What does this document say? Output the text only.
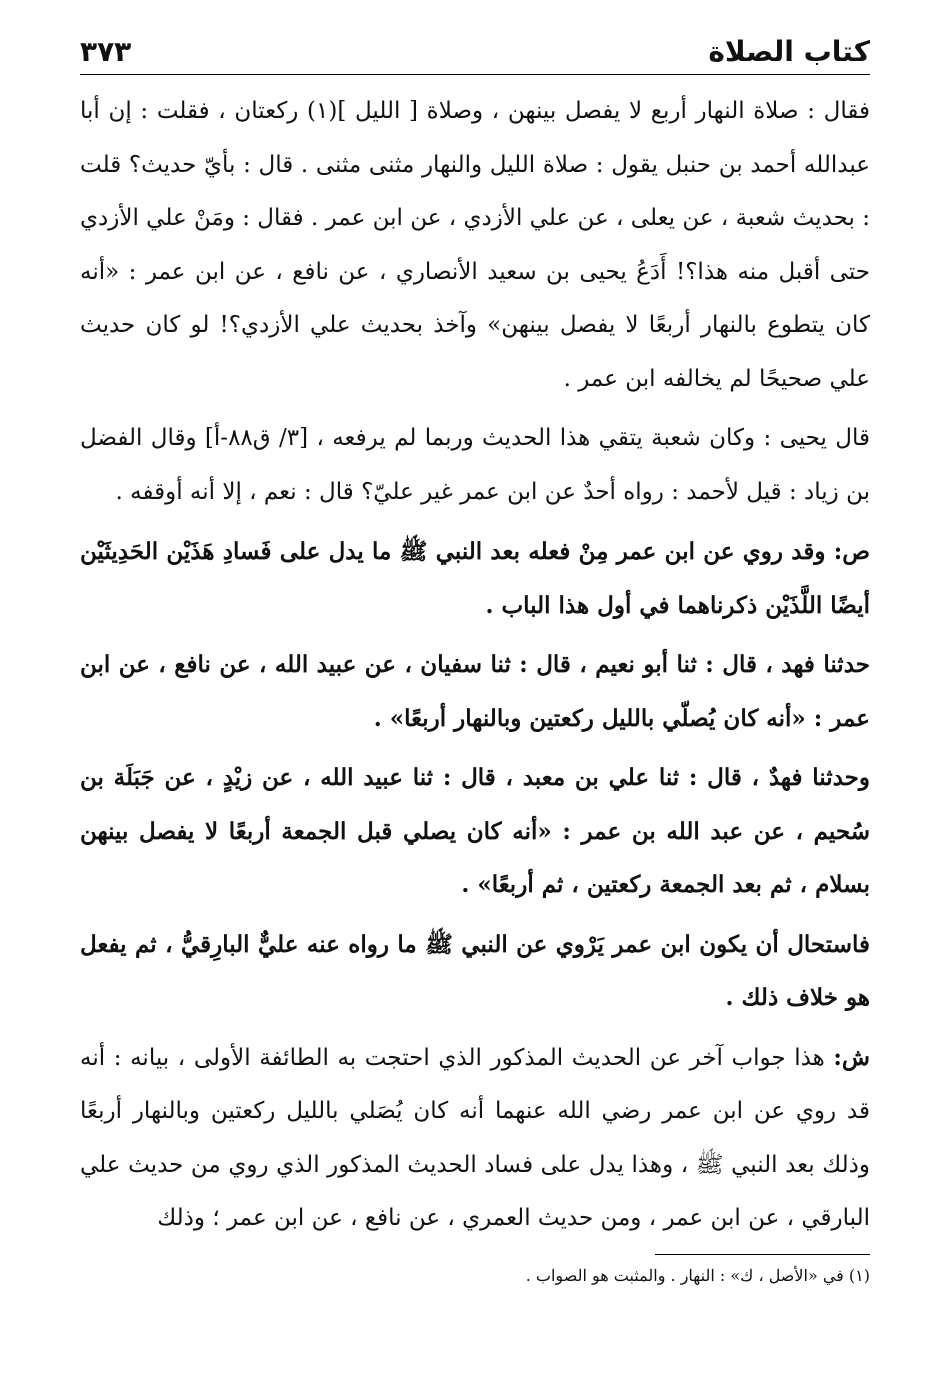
كتاب الصلاة
٣٧٣

فقال : صلاة النهار أربع لا يفصل بينهن ، وصلاة [ الليل ](١) ركعتان ، فقلت : إن أبا عبدالله أحمد بن حنبل يقول : صلاة الليل والنهار مثنى مثنى . قال : بأيّ حديث؟ قلت : بحديث شعبة ، عن يعلى ، عن علي الأزدي ، عن ابن عمر . فقال : ومَنْ علي الأزدي حتى أقبل منه هذا؟! أَدَعُ يحيى بن سعيد الأنصاري ، عن نافع ، عن ابن عمر : «أنه كان يتطوع بالنهار أربعًا لا يفصل بينهن» وآخذ بحديث علي الأزدي؟! لو كان حديث علي صحيحًا لم يخالفه ابن عمر .

قال يحيى : وكان شعبة يتقي هذا الحديث وربما لم يرفعه ، [٣/ ق٨٨-أ] وقال الفضل بن زياد : قيل لأحمد : رواه أحدٌ عن ابن عمر غير عليّ؟ قال : نعم ، إلا أنه أوقفه .

ص: وقد روي عن ابن عمر مِنْ فعله بعد النبي ﷺ ما يدل على فَسادِ هَذَيْن الحَدِيثَيْن أيضًا اللَّذَيْن ذكرناهما في أول هذا الباب .

حدثنا فهد ، قال : ثنا أبو نعيم ، قال : ثنا سفيان ، عن عبيد الله ، عن نافع ، عن ابن عمر : «أنه كان يُصلّي بالليل ركعتين وبالنهار أربعًا» .

وحدثنا فهدٌ ، قال : ثنا علي بن معبد ، قال : ثنا عبيد الله ، عن زيْدٍ ، عن جَبَلَة بن سُحيم ، عن عبد الله بن عمر : «أنه كان يصلي قبل الجمعة أربعًا لا يفصل بينهن بسلام ، ثم بعد الجمعة ركعتين ، ثم أربعًا» .

فاستحال أن يكون ابن عمر يَرْوي عن النبي ﷺ ما رواه عنه عليٌّ البارِقيُّ ، ثم يفعل هو خلاف ذلك .

ش: هذا جواب آخر عن الحديث المذكور الذي احتجت به الطائفة الأولى ، بيانه : أنه قد روي عن ابن عمر رضي الله عنهما أنه كان يُصَلي بالليل ركعتين وبالنهار أربعًا وذلك بعد النبي ﷺ ، وهذا يدل على فساد الحديث المذكور الذي روي من حديث علي البارقي ، عن ابن عمر ، ومن حديث العمري ، عن نافع ، عن ابن عمر ؛ وذلك

(١) في «الأصل ، ك» : النهار . والمثبت هو الصواب .
